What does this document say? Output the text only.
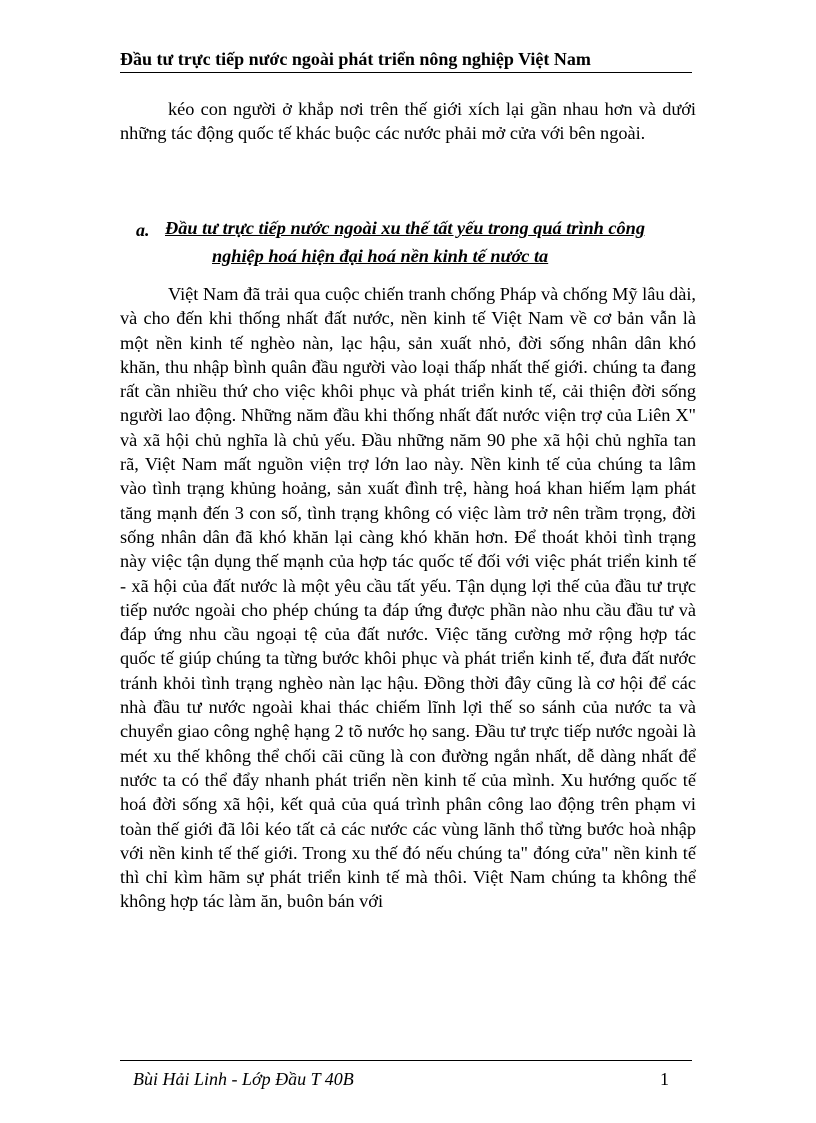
Đầu tư trực tiếp nước ngoài phát triển nông nghiệp Việt Nam

kéo con người ở khắp nơi trên thế giới xích lại gần nhau hơn và dưới những tác động quốc tế khác buộc các nước phải mở cửa với bên ngoài.

a. Đầu tư trực tiếp nước ngoài xu thế tất yếu trong quá trình công
nghiệp hoá hiện đại hoá nền kinh tế nước ta

Việt Nam đã trải qua cuộc chiến tranh chống Pháp và chống Mỹ lâu dài, và cho đến khi thống nhất đất nước, nền kinh tế Việt Nam về cơ bản vẫn là một nền kinh tế nghèo nàn, lạc hậu, sản xuất nhỏ, đời sống nhân dân khó khăn, thu nhập bình quân đầu người vào loại thấp nhất thế giới. chúng ta đang rất cần nhiều thứ cho việc khôi phục và phát triển kinh tế, cải thiện đời sống người lao động. Những năm đầu khi thống nhất đất nước viện trợ của Liên X" và xã hội chủ nghĩa là chủ yếu. Đầu những năm 90 phe xã hội chủ nghĩa tan rã, Việt Nam mất nguồn viện trợ lớn lao này. Nền kinh tế của chúng ta lâm vào tình trạng khủng hoảng, sản xuất đình trệ, hàng hoá khan hiếm lạm phát tăng mạnh đến 3 con số, tình trạng không có việc làm trở nên trầm trọng, đời sống nhân dân đã khó khăn lại càng khó khăn hơn. Để thoát khỏi tình trạng này việc tận dụng thế mạnh của hợp tác quốc tế đối với việc phát triển kinh tế - xã hội của đất nước là một yêu cầu tất yếu. Tận dụng lợi thế của đầu tư trực tiếp nước ngoài cho phép chúng ta đáp ứng được phần nào nhu cầu đầu tư và đáp ứng nhu cầu ngoại tệ của đất nước. Việc tăng cường mở rộng hợp tác quốc tế giúp chúng ta từng bước khôi phục và phát triển kinh tế, đưa đất nước tránh khỏi tình trạng nghèo nàn lạc hậu. Đồng thời đây cũng là cơ hội để các nhà đầu tư nước ngoài khai thác chiếm lĩnh lợi thế so sánh của nước ta và chuyển giao công nghệ hạng 2 tõ nước họ sang. Đầu tư trực tiếp nước ngoài là mét xu thế không thể chối cãi cũng là con đường ngắn nhất, dễ dàng nhất để nước ta có thể đẩy nhanh phát triển nền kinh tế của mình. Xu hướng quốc tế hoá đời sống xã hội, kết quả của quá trình phân công lao động trên phạm vi toàn thế giới đã lôi kéo tất cả các nước các vùng lãnh thổ từng bước hoà nhập với nền kinh tế thế giới. Trong xu thế đó nếu chúng ta" đóng cửa" nền kinh tế thì chỉ kìm hãm sự phát triển kinh tế mà thôi. Việt Nam chúng ta không thể không hợp tác làm ăn, buôn bán với

Bùi Hải Linh - Lớp Đầu T 40B	1
